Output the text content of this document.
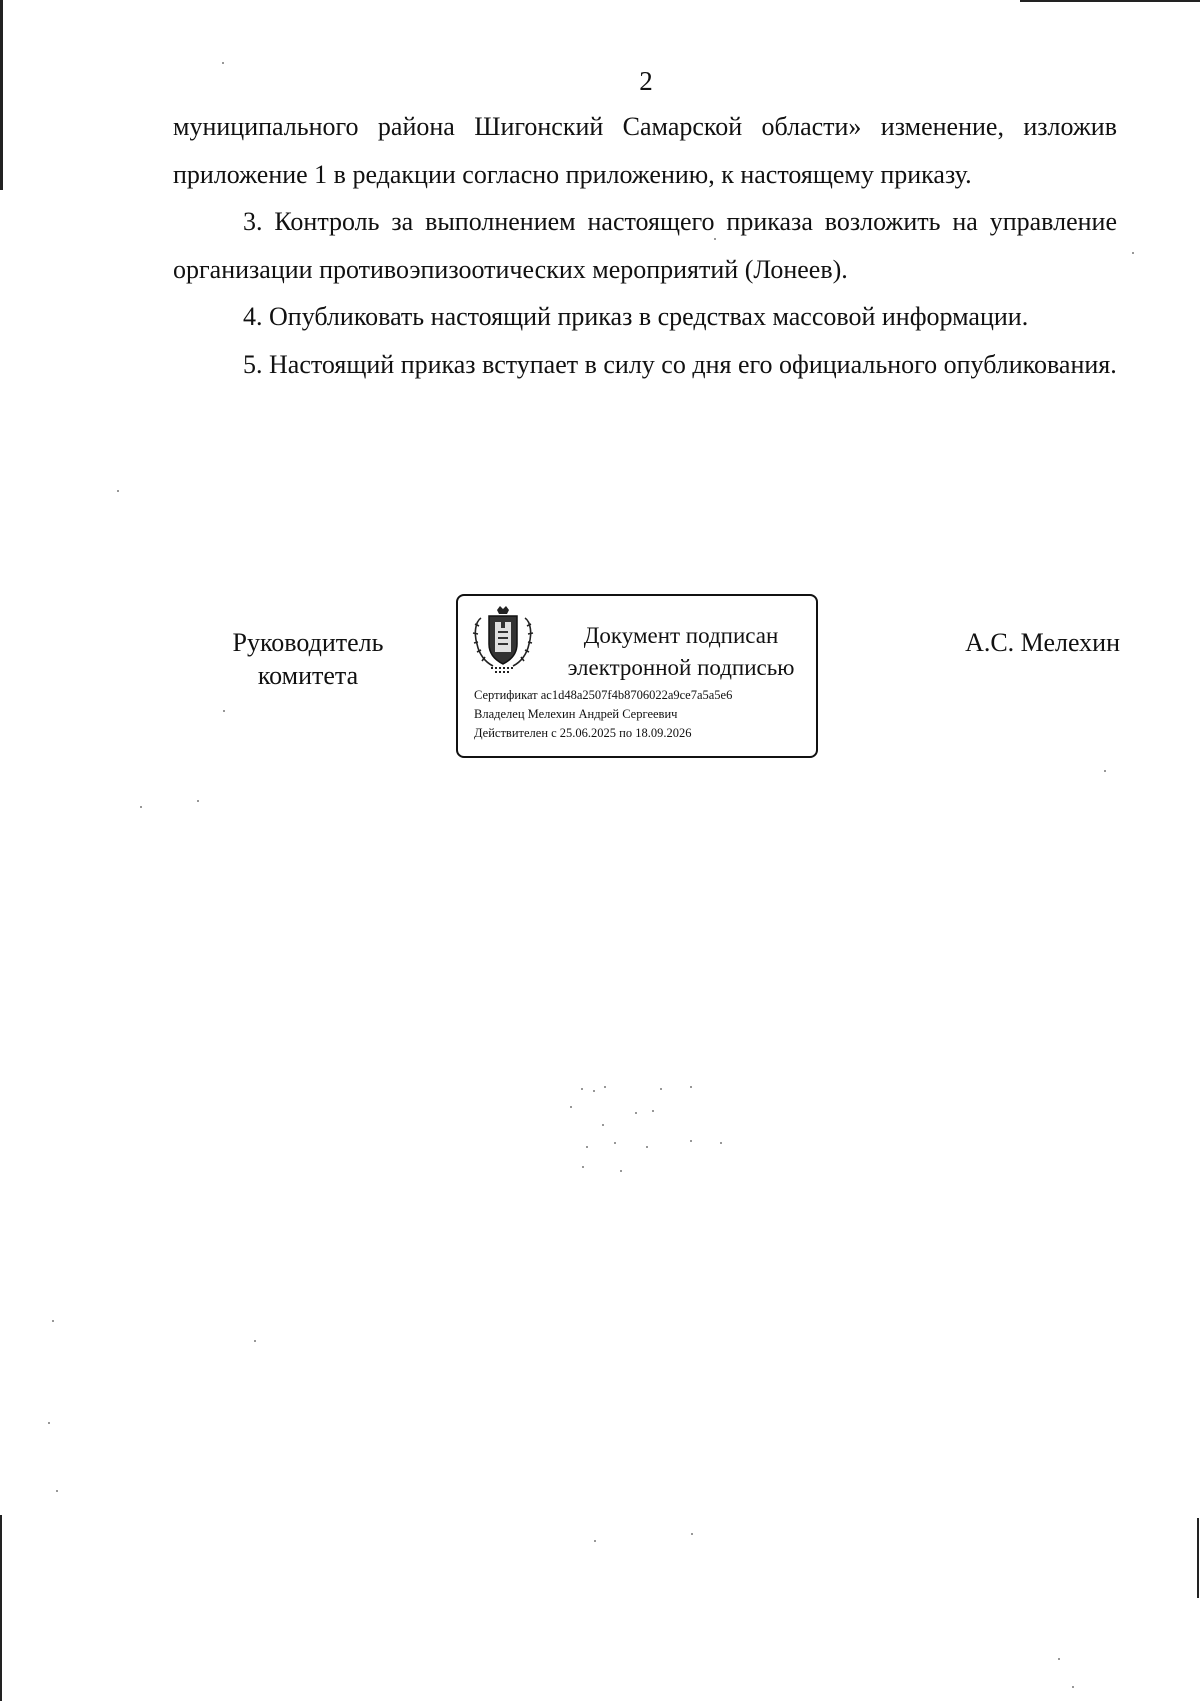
2

муниципального района Шигонский Самарской области» изменение, изложив приложение 1 в редакции согласно приложению, к настоящему приказу.

3. Контроль за выполнением настоящего приказа возложить на управление организации противоэпизоотических мероприятий (Лонеев).

4. Опубликовать настоящий приказ в средствах массовой информации.

5. Настоящий приказ вступает в силу со дня его официального опубликования.

Руководитель
комитета
Документ подписан
электронной подписью
Сертификат ac1d48a2507f4b8706022a9ce7a5a5e6
Владелец Мелехин Андрей Сергеевич
Действителен с 25.06.2025 по 18.09.2026
А.С. Мелехин
